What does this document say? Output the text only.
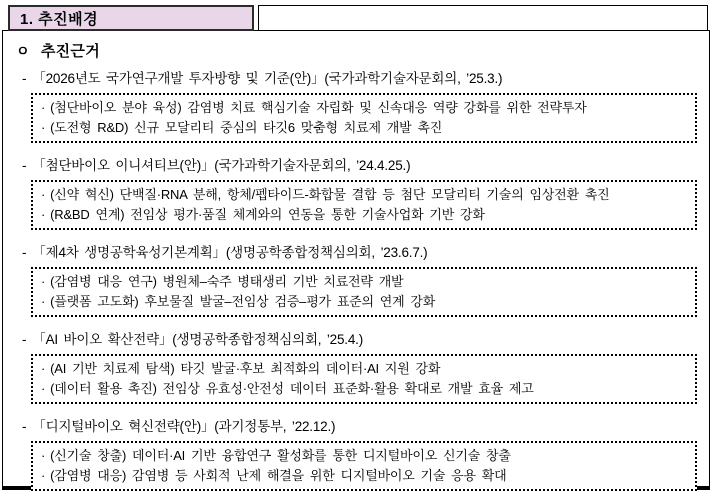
1. 추진배경
ㅇ 추진근거
- 「2026년도 국가연구개발 투자방향 및 기준(안)」(국가과학기술자문회의, ’25.3.)
· (첨단바이오 분야 육성) 감염병 치료 핵심기술 자립화 및 신속대응 역량 강화를 위한 전략투자
· (도전형 R&D) 신규 모달리티 중심의 타깃6 맞춤형 치료제 개발 촉진
- 「첨단바이오 이니셔티브(안)」(국가과학기술자문회의, ’24.4.25.)
· (신약 혁신) 단백질·RNA 분해, 항체/펩타이드-화합물 결합 등 첨단 모달리티 기술의 임상전환 촉진
· (R&BD 연계) 전임상 평가·품질 체계와의 연동을 통한 기술사업화 기반 강화
- 「제4차 생명공학육성기본계획」(생명공학종합정책심의회, ’23.6.7.)
· (감염병 대응 연구) 병원체–숙주 병태생리 기반 치료전략 개발
· (플랫폼 고도화) 후보물질 발굴–전임상 검증–평가 표준의 연계 강화
- 「AI 바이오 확산전략」(생명공학종합정책심의회, ’25.4.)
· (AI 기반 치료제 탐색) 타깃 발굴·후보 최적화의 데이터·AI 지원 강화
· (데이터 활용 촉진) 전임상 유효성·안전성 데이터 표준화·활용 확대로 개발 효율 제고
- 「디지털바이오 혁신전략(안)」(과기정통부, ’22.12.)
· (신기술 창출) 데이터·AI 기반 융합연구 활성화를 통한 디지털바이오 신기술 창출
· (감염병 대응) 감염병 등 사회적 난제 해결을 위한 디지털바이오 기술 응용 확대
